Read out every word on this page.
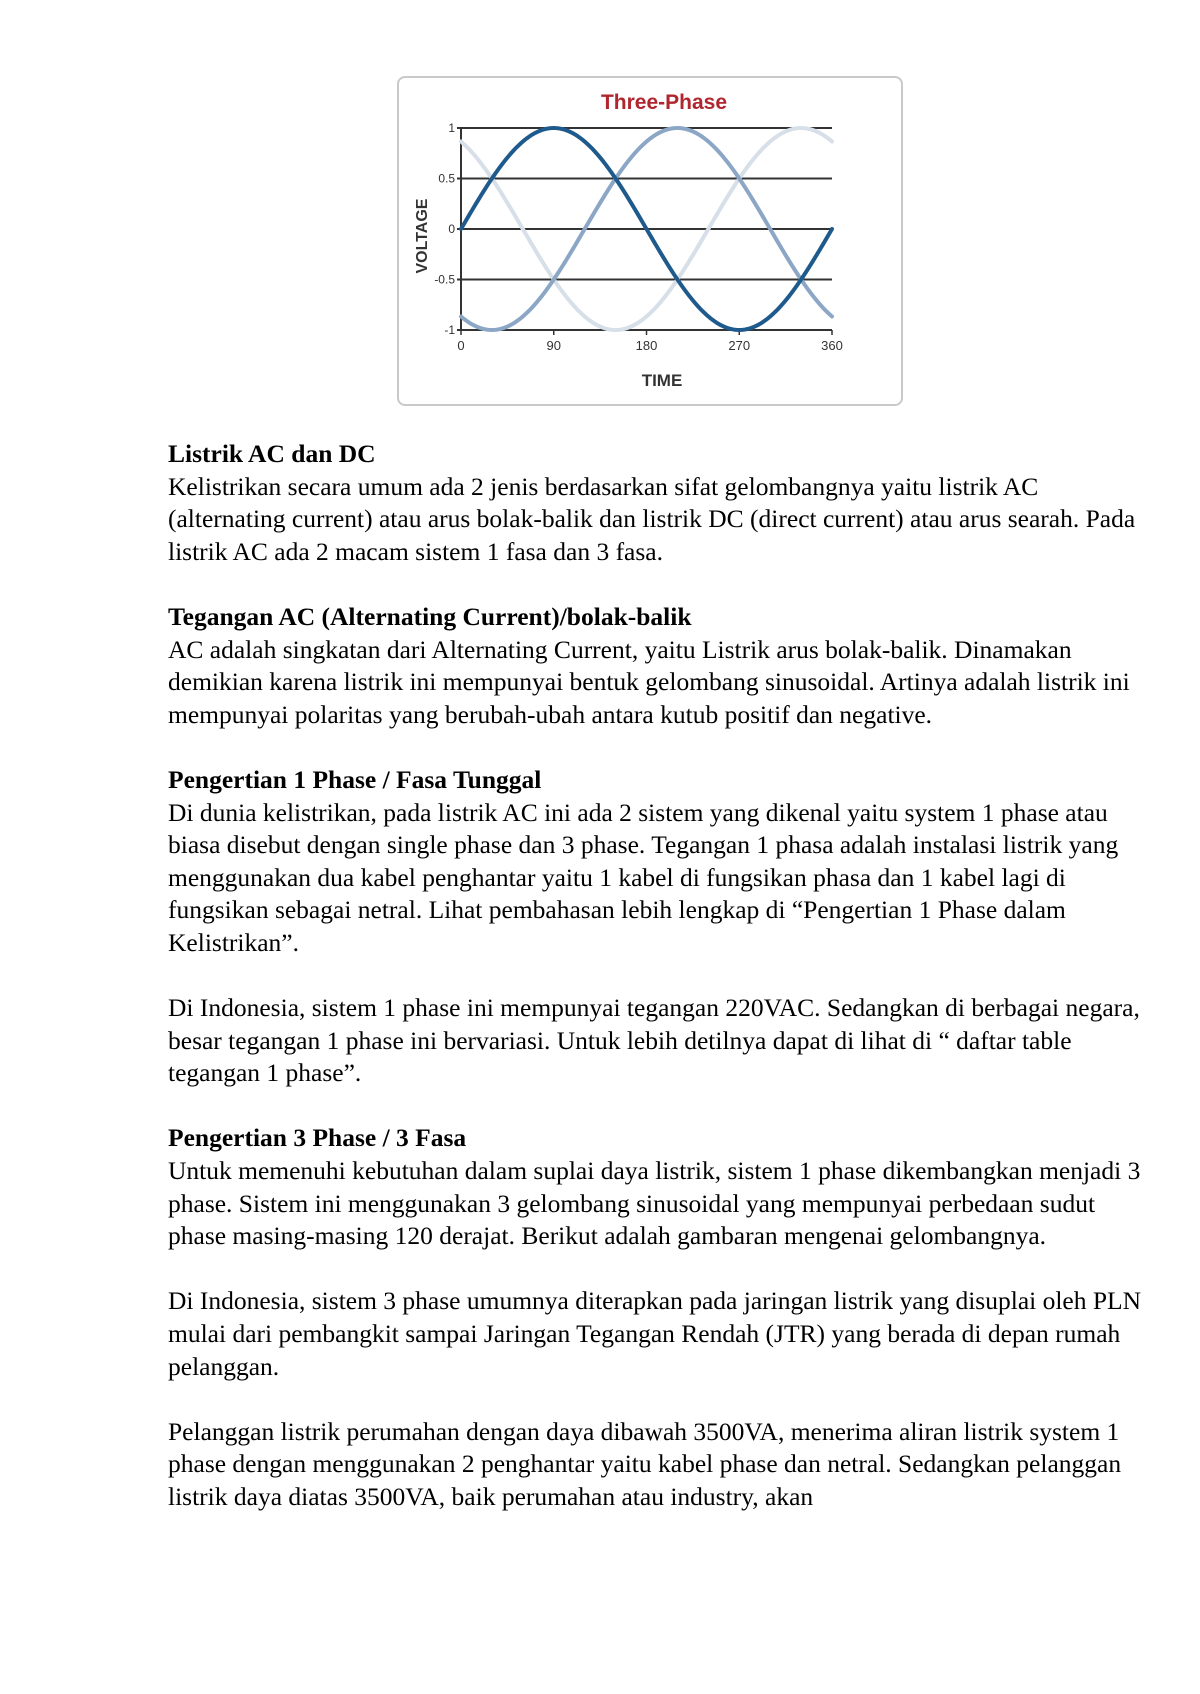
Three-Phase
1
0.5
0
-0.5
-1
0	90	180	270	360
TIME
VOLTAGE
Listrik AC dan DC

Kelistrikan secara umum ada 2 jenis berdasarkan sifat gelombangnya yaitu listrik AC (alternating current) atau arus bolak-balik dan listrik DC (direct current) atau arus searah. Pada listrik AC ada 2 macam sistem 1 fasa dan 3 fasa.

Tegangan AC (Alternating Current)/bolak-balik

AC adalah singkatan dari Alternating Current, yaitu Listrik arus bolak-balik. Dinamakan demikian karena listrik ini mempunyai bentuk gelombang sinusoidal. Artinya adalah listrik ini mempunyai polaritas yang berubah-ubah antara kutub positif dan negative.

Pengertian 1 Phase / Fasa Tunggal

Di dunia kelistrikan, pada listrik AC ini ada 2 sistem yang dikenal yaitu system 1 phase atau biasa disebut dengan single phase dan 3 phase. Tegangan 1 phasa adalah instalasi listrik yang menggunakan dua kabel penghantar yaitu 1 kabel di fungsikan phasa dan 1 kabel lagi di fungsikan sebagai netral. Lihat pembahasan lebih lengkap di “Pengertian 1 Phase dalam Kelistrikan”.

Di Indonesia, sistem 1 phase ini mempunyai tegangan 220VAC. Sedangkan di berbagai negara, besar tegangan 1 phase ini bervariasi. Untuk lebih detilnya dapat di lihat di “ daftar table tegangan 1 phase”.

Pengertian 3 Phase / 3 Fasa

Untuk memenuhi kebutuhan dalam suplai daya listrik, sistem 1 phase dikembangkan menjadi 3 phase. Sistem ini menggunakan 3 gelombang sinusoidal yang mempunyai perbedaan sudut phase masing-masing 120 derajat. Berikut adalah gambaran mengenai gelombangnya.

Di Indonesia, sistem 3 phase umumnya diterapkan pada jaringan listrik yang disuplai oleh PLN mulai dari pembangkit sampai Jaringan Tegangan Rendah (JTR) yang berada di depan rumah pelanggan.

Pelanggan listrik perumahan dengan daya dibawah 3500VA, menerima aliran listrik system 1 phase dengan menggunakan 2 penghantar yaitu kabel phase dan netral. Sedangkan pelanggan listrik daya diatas 3500VA, baik perumahan atau industry, akan
